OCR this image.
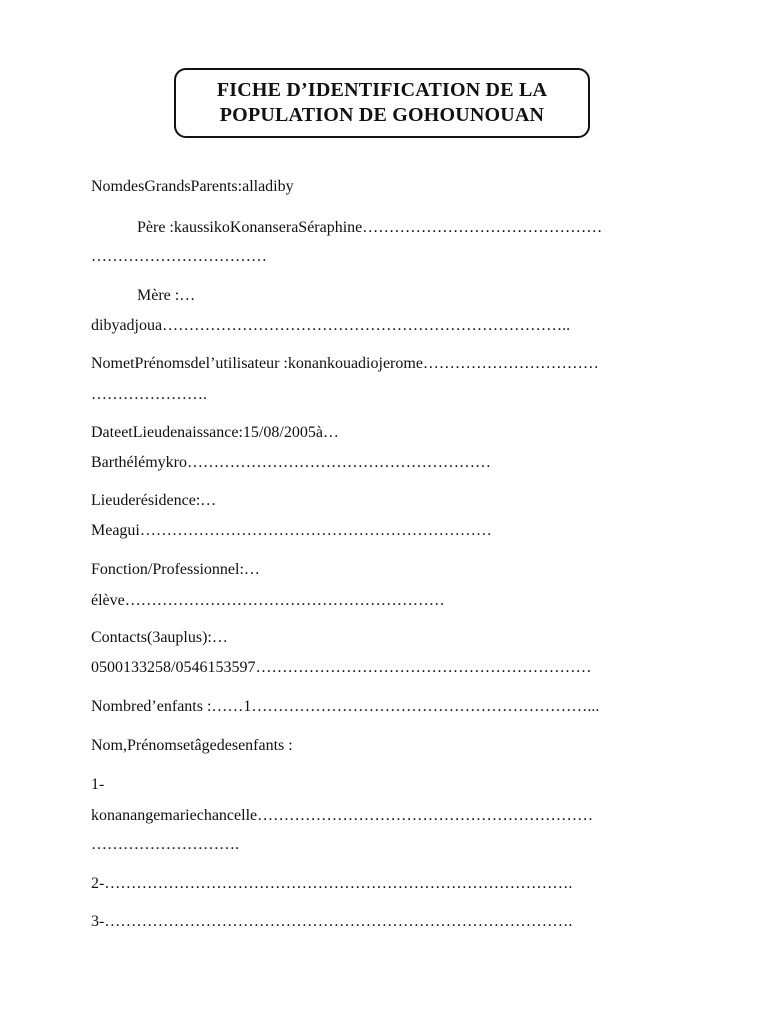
FICHE D’IDENTIFICATION DE LA
POPULATION DE GOHOUNOUAN
NomdesGrandsParents:alladiby
Père :kaussikoKonanseraSéraphine………………………………………
……………………………
Mère :…
dibyadjoua…………………………………………………………………..
NometPrénomsdel’utilisateur :konankouadiojerome……………………………
………………….
DateetLieudenaissance:15/08/2005à…
Barthélémykro…………………………………………………
Lieuderésidence:…
Meagui…………………………………………………………
Fonction/Professionnel:…
élève……………………………………………………
Contacts(3auplus):…
0500133258/0546153597………………………………………………………
Nombred’enfants :……1………………………………………………………...
Nom,Prénomsetâgedesenfants :
1-
konanangemariechancelle………………………………………………………
……………………….
2-…………………………………………………………………………….
3-…………………………………………………………………………….
